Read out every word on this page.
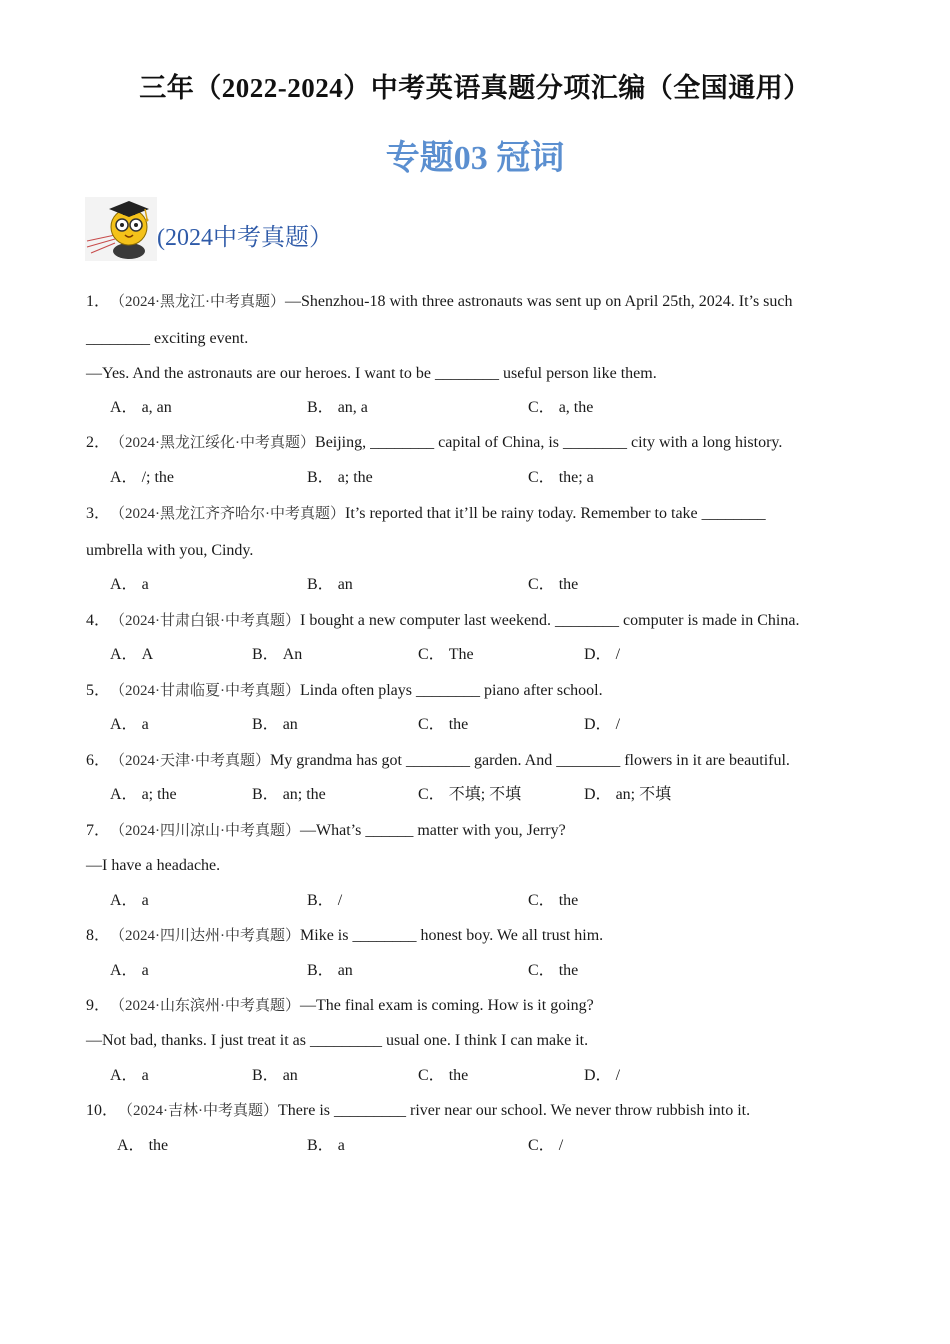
三年（2022-2024）中考英语真题分项汇编（全国通用）
专题03 冠词
(2024中考真题）
1．（2024·黑龙江·中考真题）—Shenzhou-18 with three astronauts was sent up on April 25th, 2024. It’s such
________ exciting event.
—Yes. And the astronauts are our heroes. I want to be ________ useful person like them.
A． a, an	B． an, a	C． a, the
2．（2024·黑龙江绥化·中考真题）Beijing, ________ capital of China, is ________ city with a long history.
A． /; the	B． a; the	C． the; a
3．（2024·黑龙江齐齐哈尔·中考真题）It’s reported that it’ll be rainy today. Remember to take ________
umbrella with you, Cindy.
A． a	B． an	C． the
4．（2024·甘肃白银·中考真题）I bought a new computer last weekend. ________ computer is made in China.
A． A	B． An	C． The	D． /
5．（2024·甘肃临夏·中考真题）Linda often plays ________ piano after school.
A． a	B． an	C． the	D． /
6．（2024·天津·中考真题）My grandma has got ________ garden. And ________ flowers in it are beautiful.
A． a; the	B． an; the	C． 不填; 不填	D． an; 不填
7．（2024·四川凉山·中考真题）—What’s ______ matter with you, Jerry?
—I have a headache.
A． a	B． /	C． the
8．（2024·四川达州·中考真题）Mike is ________ honest boy. We all trust him.
A． a	B． an	C． the
9．（2024·山东滨州·中考真题）—The final exam is coming. How is it going?
—Not bad, thanks. I just treat it as _________ usual one. I think I can make it.
A． a	B． an	C． the	D． /
10．（2024·吉林·中考真题）There is _________ river near our school. We never throw rubbish into it.
A． the	B． a	C． /
